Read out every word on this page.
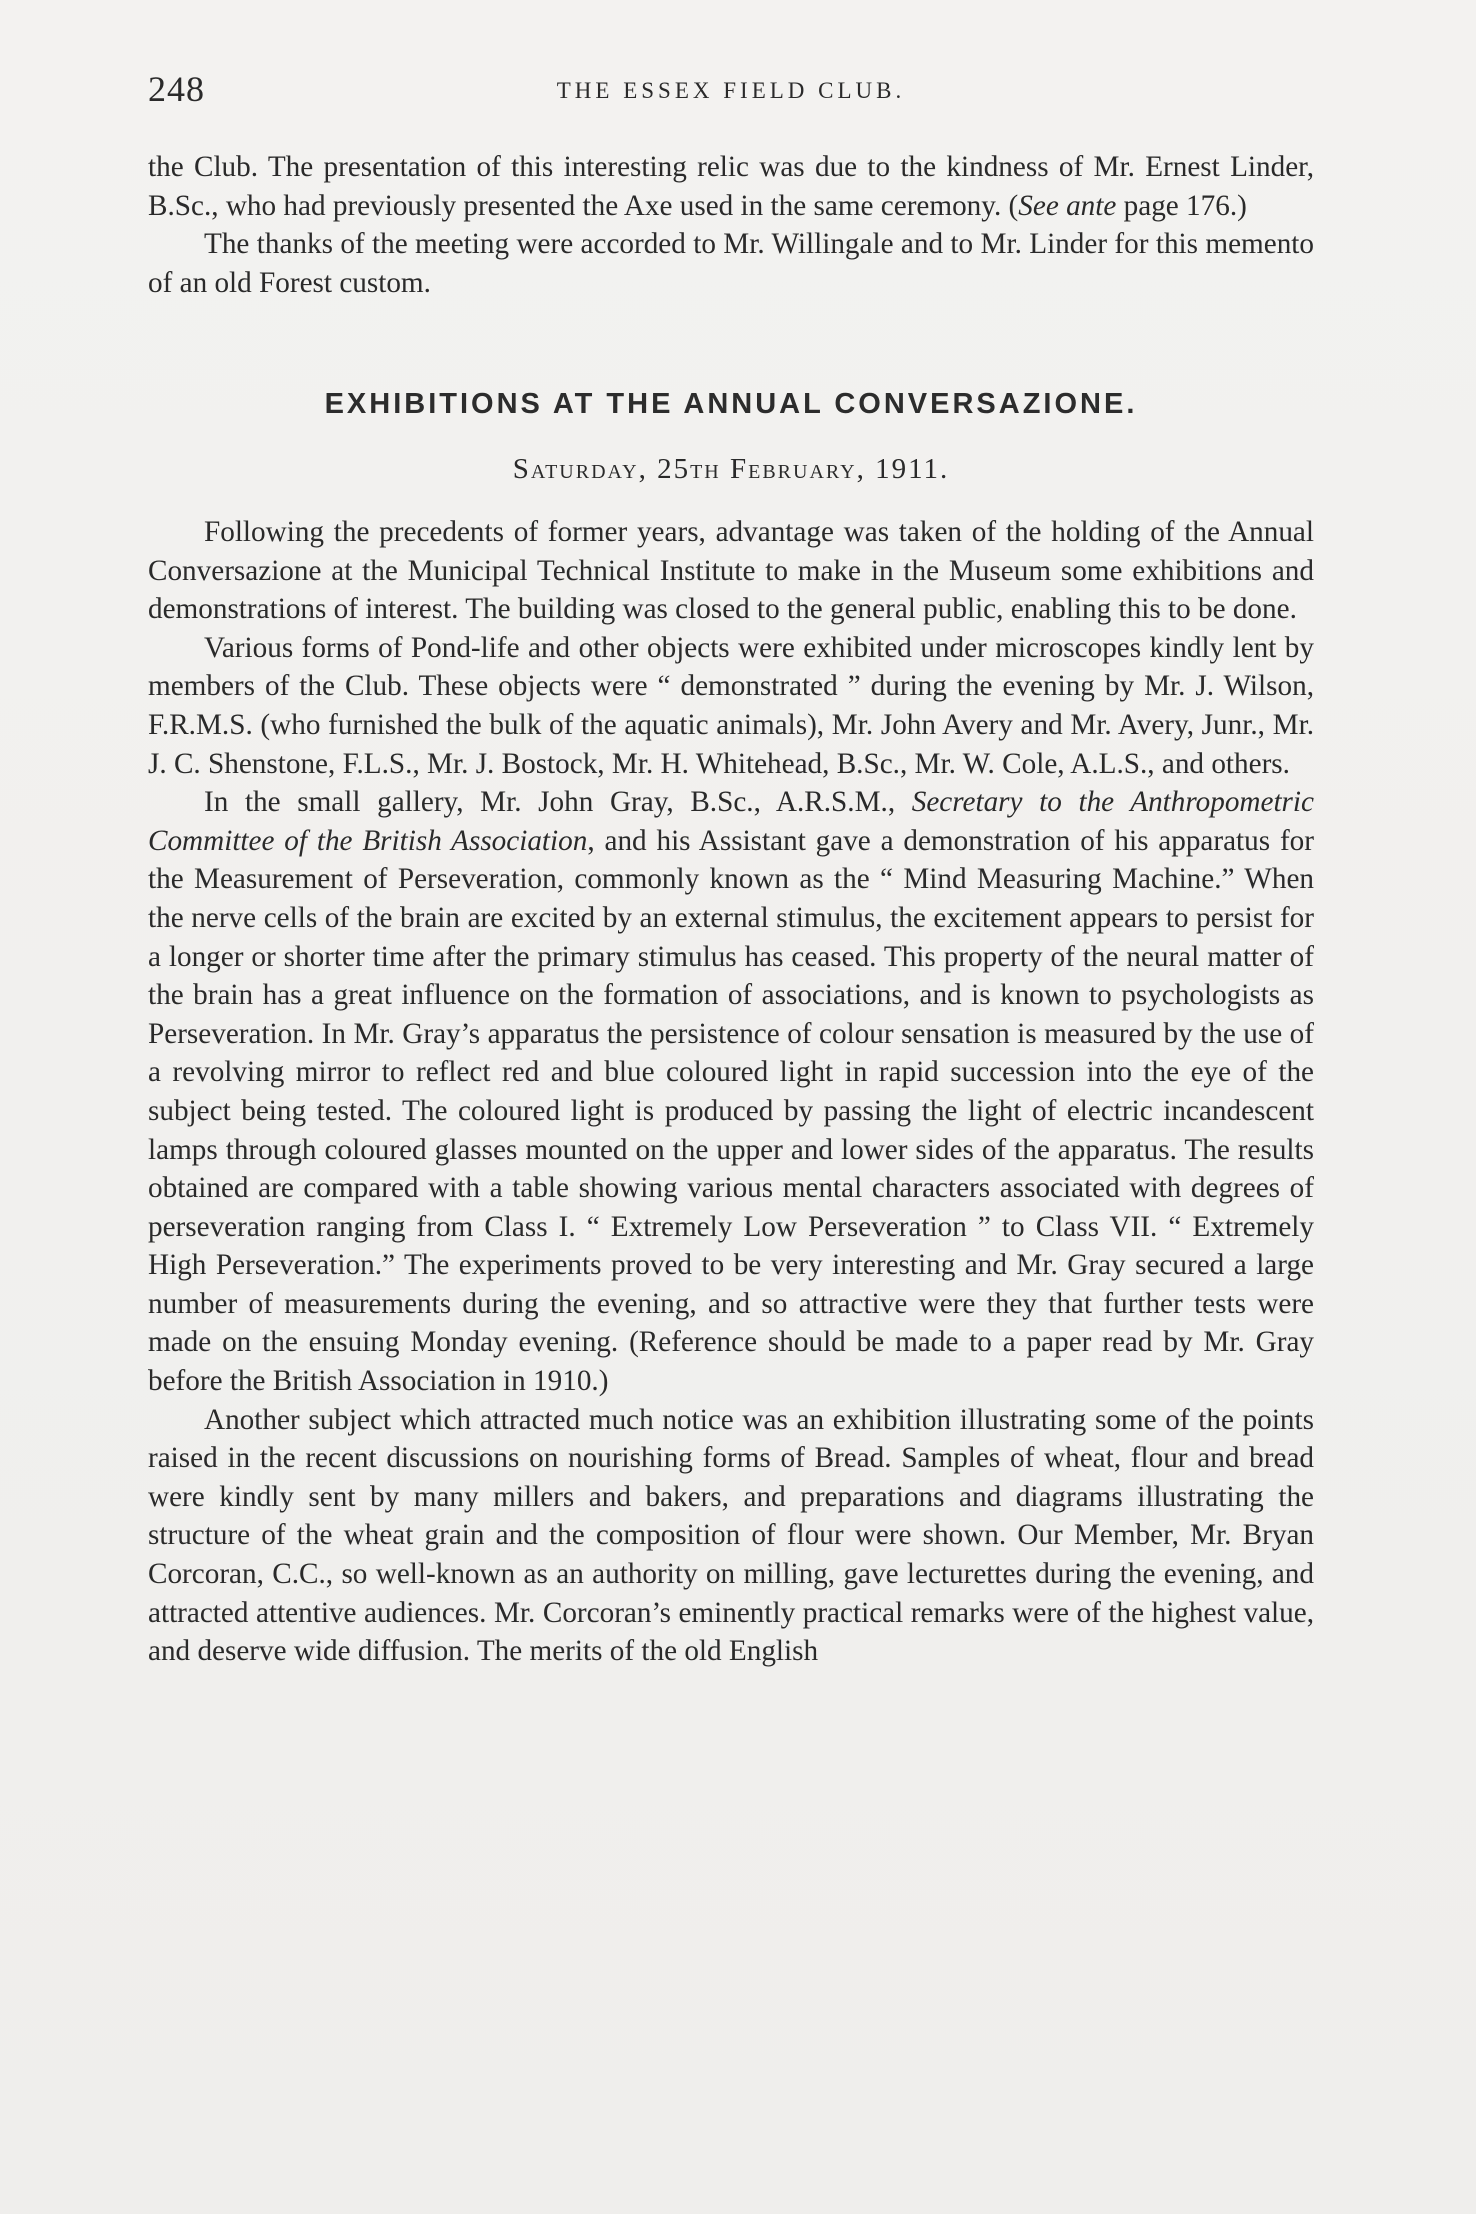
248	THE ESSEX FIELD CLUB.

the Club. The presentation of this interesting relic was due to the kindness of Mr. Ernest Linder, B.Sc., who had previously presented the Axe used in the same ceremony. (See ante page 176.)

The thanks of the meeting were accorded to Mr. Willingale and to Mr. Linder for this memento of an old Forest custom.

EXHIBITIONS AT THE ANNUAL CONVERSAZIONE.
Saturday, 25th February, 1911.

Following the precedents of former years, advantage was taken of the holding of the Annual Conversazione at the Municipal Technical Institute to make in the Museum some exhibitions and demonstrations of interest. The building was closed to the general public, enabling this to be done.

Various forms of Pond-life and other objects were exhibited under microscopes kindly lent by members of the Club. These objects were “ demonstrated ” during the evening by Mr. J. Wilson, F.R.M.S. (who furnished the bulk of the aquatic animals), Mr. John Avery and Mr. Avery, Junr., Mr. J. C. Shenstone, F.L.S., Mr. J. Bostock, Mr. H. Whitehead, B.Sc., Mr. W. Cole, A.L.S., and others.

In the small gallery, Mr. John Gray, B.Sc., A.R.S.M., Secretary to the Anthropometric Committee of the British Association, and his Assistant gave a demonstration of his apparatus for the Measurement of Perseveration, commonly known as the “ Mind Measuring Machine.” When the nerve cells of the brain are excited by an external stimulus, the excitement appears to persist for a longer or shorter time after the primary stimulus has ceased. This property of the neural matter of the brain has a great influence on the formation of associations, and is known to psychologists as Perseveration. In Mr. Gray’s apparatus the persistence of colour sensation is measured by the use of a revolving mirror to reflect red and blue coloured light in rapid succession into the eye of the subject being tested. The coloured light is produced by passing the light of electric incandescent lamps through coloured glasses mounted on the upper and lower sides of the apparatus. The results obtained are compared with a table showing various mental characters associated with degrees of perseveration ranging from Class I. “ Extremely Low Perseveration ” to Class VII. “ Extremely High Perseveration.” The experiments proved to be very interesting and Mr. Gray secured a large number of measurements during the evening, and so attractive were they that further tests were made on the ensuing Monday evening. (Reference should be made to a paper read by Mr. Gray before the British Association in 1910.)

Another subject which attracted much notice was an exhibition illustrating some of the points raised in the recent discussions on nourishing forms of Bread. Samples of wheat, flour and bread were kindly sent by many millers and bakers, and preparations and diagrams illustrating the structure of the wheat grain and the composition of flour were shown. Our Member, Mr. Bryan Corcoran, C.C., so well-known as an authority on milling, gave lecturettes during the evening, and attracted attentive audiences. Mr. Corcoran’s eminently practical remarks were of the highest value, and deserve wide diffusion. The merits of the old English
